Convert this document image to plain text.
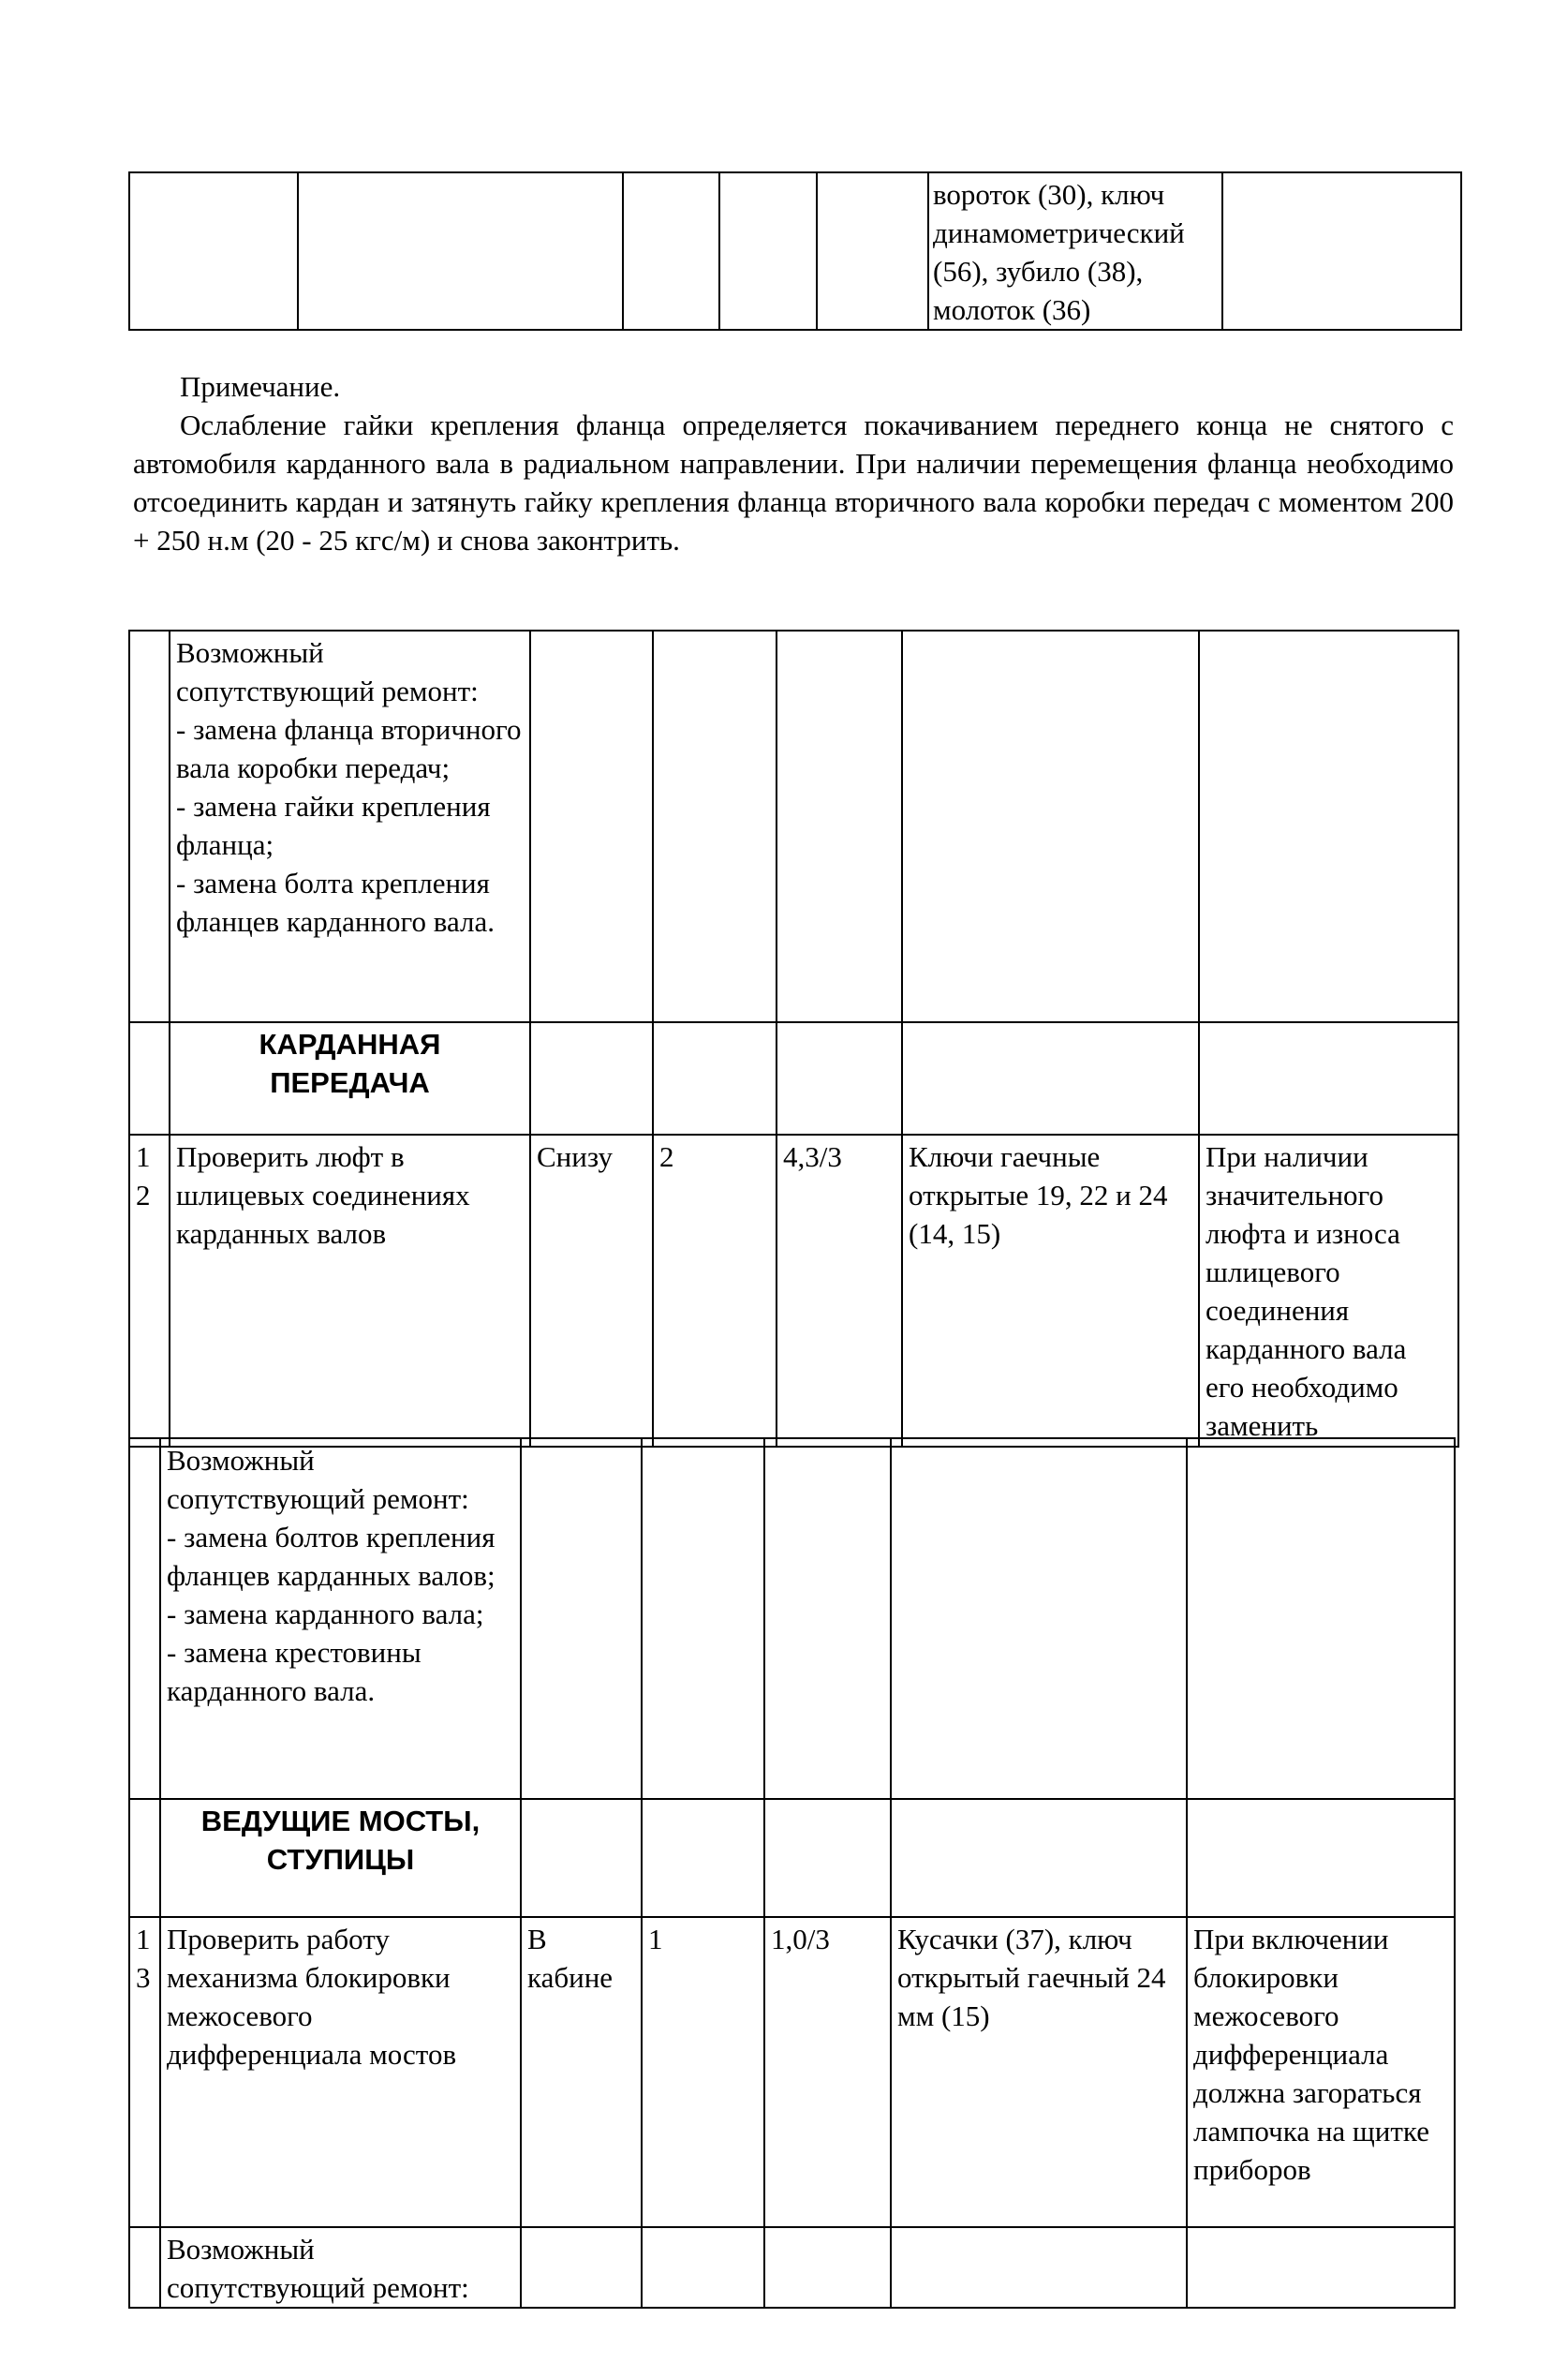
					вороток (30), ключ динамометрический (56), зубило (38), молоток (36)	

Примечание.

Ослабление гайки крепления фланца определяется покачиванием переднего конца не снятого с автомобиля карданного вала в радиальном направлении. При наличии перемещения фланца необходимо отсоединить кардан и затянуть гайку крепления фланца вторичного вала коробки передач с моментом 200 + 250 н.м (20 - 25 кгс/м) и снова законтрить.

	Возможный сопутствующий ремонт:
- замена фланца вторичного вала коробки передач;
- замена гайки крепления фланца;
- замена болта крепления фланцев карданного вала.					
	КАРДАННАЯ ПЕРЕДАЧА					
12	Проверить люфт в шлицевых соединениях карданных валов	Снизу	2	4,3/3	Ключи гаечные открытые 19, 22 и 24 (14, 15)	При наличии значительного люфта и износа шлицевого соединения карданного вала его необходимо заменить
	Возможный сопутствующий ремонт:
- замена болтов крепления фланцев карданных валов;
- замена карданного вала;
- замена крестовины карданного вала.					
	ВЕДУЩИЕ МОСТЫ, СТУПИЦЫ					
13	Проверить работу механизма блокировки межосевого дифференциала мостов	В кабине	1	1,0/3	Кусачки (37), ключ открытый гаечный 24 мм (15)	При включении блокировки межосевого дифференциала должна загораться лампочка на щитке приборов
	Возможный сопутствующий ремонт:					
